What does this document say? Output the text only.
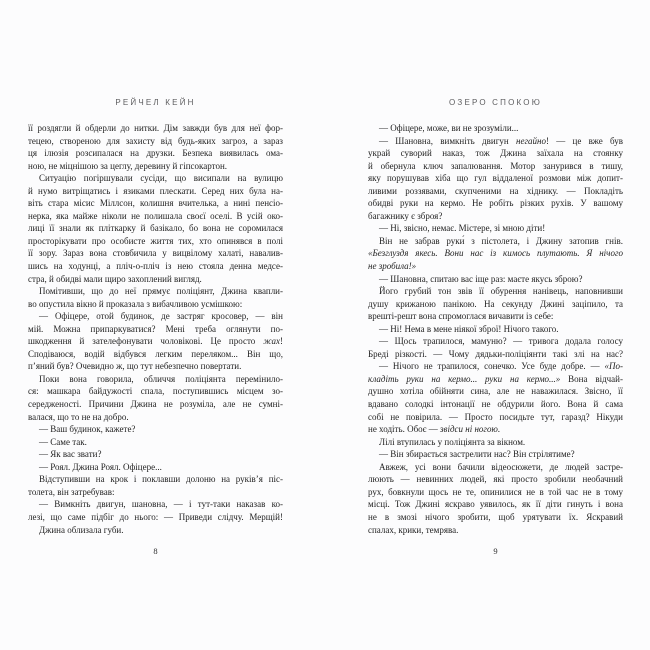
РЕЙЧЕЛ КЕЙН
її роздягли й обдерли до нитки. Дім завжди був для неї фор-
тецею, створеною для захисту від будь-яких загроз, а зараз
ця ілюзія розсипалася на друзки. Безпека виявилась ома-
ною, не міцнішою за цеглу, деревину й гіпсокартон.
Ситуацію погіршували сусіди, що висипали на вулицю
й нумо витріщатись і язиками плескати. Серед них була на-
віть стара місис Міллсон, колишня вчителька, а нині пенсіо-
нерка, яка майже ніколи не полишала своєї оселі. В усій око-
лиці її знали як пліткарку й базікало, бо вона не соромилася
просторікувати про особисте життя тих, хто опинявся в полі
її зору. Зараз вона стовбичила у вицвілому халаті, навалив-
шись на ходунці, а пліч-о-пліч із нею стояла денна медсе-
стра, й обидві мали щиро захоплений вигляд.
Помітивши, що до неї прямує поліціянт, Джина квапли-
во опустила вікно й проказала з вибачливою усмішкою:
— Офіцере, отой будинок, де застряг кросовер, — він
мій. Можна припаркуватися? Мені треба оглянути по-
шкодження й зателефонувати чоловікові. Це просто жах!
Сподіваюся, водій відбувся легким переляком... Він що,
п’яний був? Очевидно ж, що тут небезпечно повертати.
Поки вона говорила, обличчя поліціянта перемінило-
ся: машкара байдужості спала, поступившись місцем зо-
середженості. Причини Джина не розуміла, але не сумні-
валася, що то не на добро.
— Ваш будинок, кажете?
— Саме так.
— Як вас звати?
— Роял. Джина Роял. Офіцере...
Відступивши на крок і поклавши долоню на руків’я піс-
толета, він затребував:
— Вимкніть двигун, шановна, — і тут-таки наказав ко-
лезі, що саме підбіг до нього: — Приведи слідчу. Мерщій!
Джина облизала губи.
8
ОЗЕРО СПОКОЮ
— Офіцере, може, ви не зрозуміли...
— Шановна, вимкніть двигун негайно! — це вже був
украй суворий наказ, тож Джина заїхала на стоянку
й обернула ключ запалювання. Мотор занурився в тишу,
яку порушував хіба що гул віддаленої розмови між допит-
ливими роззявами, скупченими на хіднику. — Покладіть
обидві руки на кермо. Не робіть різких рухів. У вашому
багажнику є зброя?
— Ні, звісно, немає. Містере, зі мною діти!
Він не забрав руки́ з пістолета, і Джину затопив гнів.
«Безглуздя якесь. Вони нас із кимось плутають. Я нічого
не зробила!»
— Шановна, спитаю вас іще раз: маєте якусь зброю?
Його грубий тон звів її обурення нанівець, наповнивши
душу крижаною панікою. На секунду Джині заціпило, та
врешті-решт вона спромоглася вичавити із себе:
— Ні! Нема в мене ніякої зброї! Нічого такого.
— Щось трапилося, мамуню? — тривога додала голосу
Бреді різкості. — Чому дядьки-поліціянти такі злі на нас?
— Нічого не трапилося, сонечко. Усе буде добре. — «По-
кладіть руки на кермо... руки на кермо...» Вона відчай-
душно хотіла обійняти сина, але не наважилася. Звісно, її
вдавано солодкі інтонації не обдурили його. Вона й сама
собі не повірила. — Просто посидьте тут, гаразд? Нікуди
не ходіть. Обоє — звідси ні ногою.
Лілі втупилась у поліціянта за вікном.
— Він збирається застрелити нас? Він стрілятиме?
Авжеж, усі вони бачили відеосюжети, де людей застре-
люють — невинних людей, які просто зробили необачний
рух, бовкнули щось не те, опинилися не в той час не в тому
місці. Тож Джині яскраво уявилось, як її діти гинуть і вона
не в змозі нічого зробити, щоб урятувати їх. Яскравий
спалах, крики, темрява.
9
